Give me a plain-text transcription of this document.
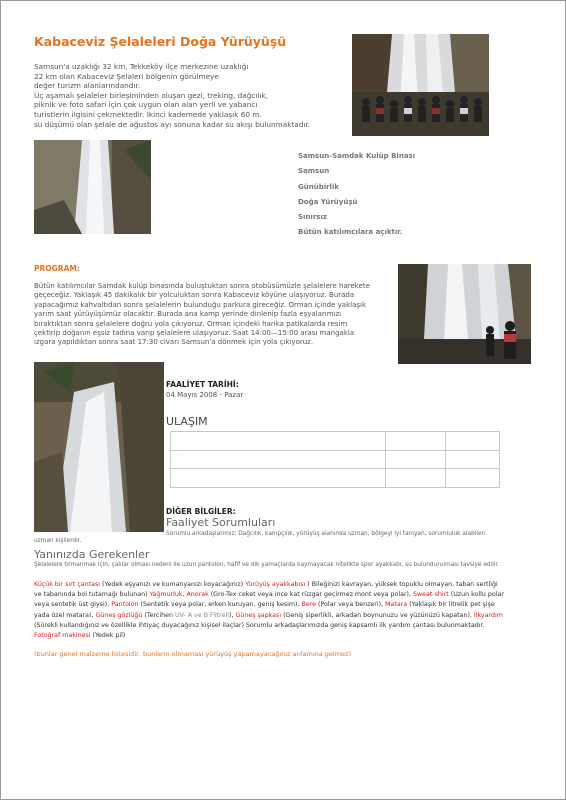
Kabaceviz Şelaleleri Doğa Yürüyüşü
Samsun'a uzaklığı 32 km, Tekkeköy ilçe merkezine uzaklığı
22 km olan Kabaceviz Şelaleri bölgenin görülmeye
değer turizm alanlarındandır.
Üç aşamalı şelaleler birleşiminden oluşan gezi, treking, dağcılık,
piknik ve foto safari için çok uygun olan alan yerli ve yabancı
turistlerin ilgisini çekmektedir. İkinci kademede yaklaşık 60 m.
su düşümü olan şelale de ağustos ayı sonuna kadar su akışı bulunmaktadır.
Samsun-Samdak Kulüp Binası
Samsun
Günübirlik
Doğa Yürüyüşü
Sınırsız
Bütün katılımcılara açıktır.
PROGRAM:
Bütün katılımcılar Samdak kulüp binasında buluştuktan sonra otobüsümüzle şelalelere harekete
geçeceğiz. Yaklaşık 45 dakikalık bir yolculuktan sonra Kabaceviz köyüne ulaşıyoruz. Burada
yapacağımız kahvaltıdan sonra şelalelerin bulunduğu parkura gireceğiz. Orman içinde yaklaşık
yarım saat yürüyüşümüz olacaktır. Burada ana kamp yerinde dinlenip fazla eşyalarımızı
bıraktıktan sonra şelalelere doğru yola çıkıyoruz. Orman içindeki harika patikalarda resim
çektirip doğanın eşsiz tadına varıp şelalelere ulaşıyoruz. Saat 14:00—15:00 arası mangakla
ızgara yapıldıktan sonra saat 17:30 civarı Samsun'a dönmek için yola çıkıyoruz.
FAALİYET TARİHİ:
04 Mayıs 2008 - Pazar
ULAŞIM

DİĞER BİLGİLER:
Faaliyet Sorumluları
Sorumlu arkadaşlarımız; Dağcılık, kampçılık, yürüyüş alanında uzman, bölgeyi iyi tanıyan, sorumluluk alabilen
uzman kişilerdir.
Yanınızda Gerekenler
Şelalelere tırmanmak için, çalılar olması nedeni ile uzun pantolon, hafif ve dik yamaçlarda kaymayacak nitelikte spor ayakkabı, su bulundurulması tavsiye edilir.
Küçük bir sırt çantası (Yedek eşyanızı ve kumanyanızı koyacağınız) Yürüyüş ayakkabısı ( Bileğinizi kavrayan, yüksek topuklu olmayan, taban sertliği ve tabanında bol tutamağı bulunan) Yağmurluk, Anorak (Gro-Tex ceket veya ince kat rüzgar geçirmez mont veya polar), Sweat-shirt (Uzun kollu polar veya sentetik üst giysi), Pantolon (Sentetik veya polar, erken kuruyan, geniş kesim), Bere (Polar veya benzeri), Matara (Yaklaşık bir litrelik pet şişe yada özel matara), Güneş gözlüğü (Tercihen UV- A ve B Filtreli), Güneş şapkası (Geniş siperlikli, arkadan boynunuzu ve yüzünüzü kapatan), İlkyardım (Sürekli kullandığınız ve özellikle ihtiyaç duyacağınız kişisel ilaçlar) Sorumlu arkadaşlarımızda geniş kapsamlı ilk yardım çantası bulunmaktadır. Fotoğraf makinesi (Yedek pil)
(bunlar genel malzeme listesidir, bunların olmaması yürüyüş yapamayacağınız anlamına gelmez)
